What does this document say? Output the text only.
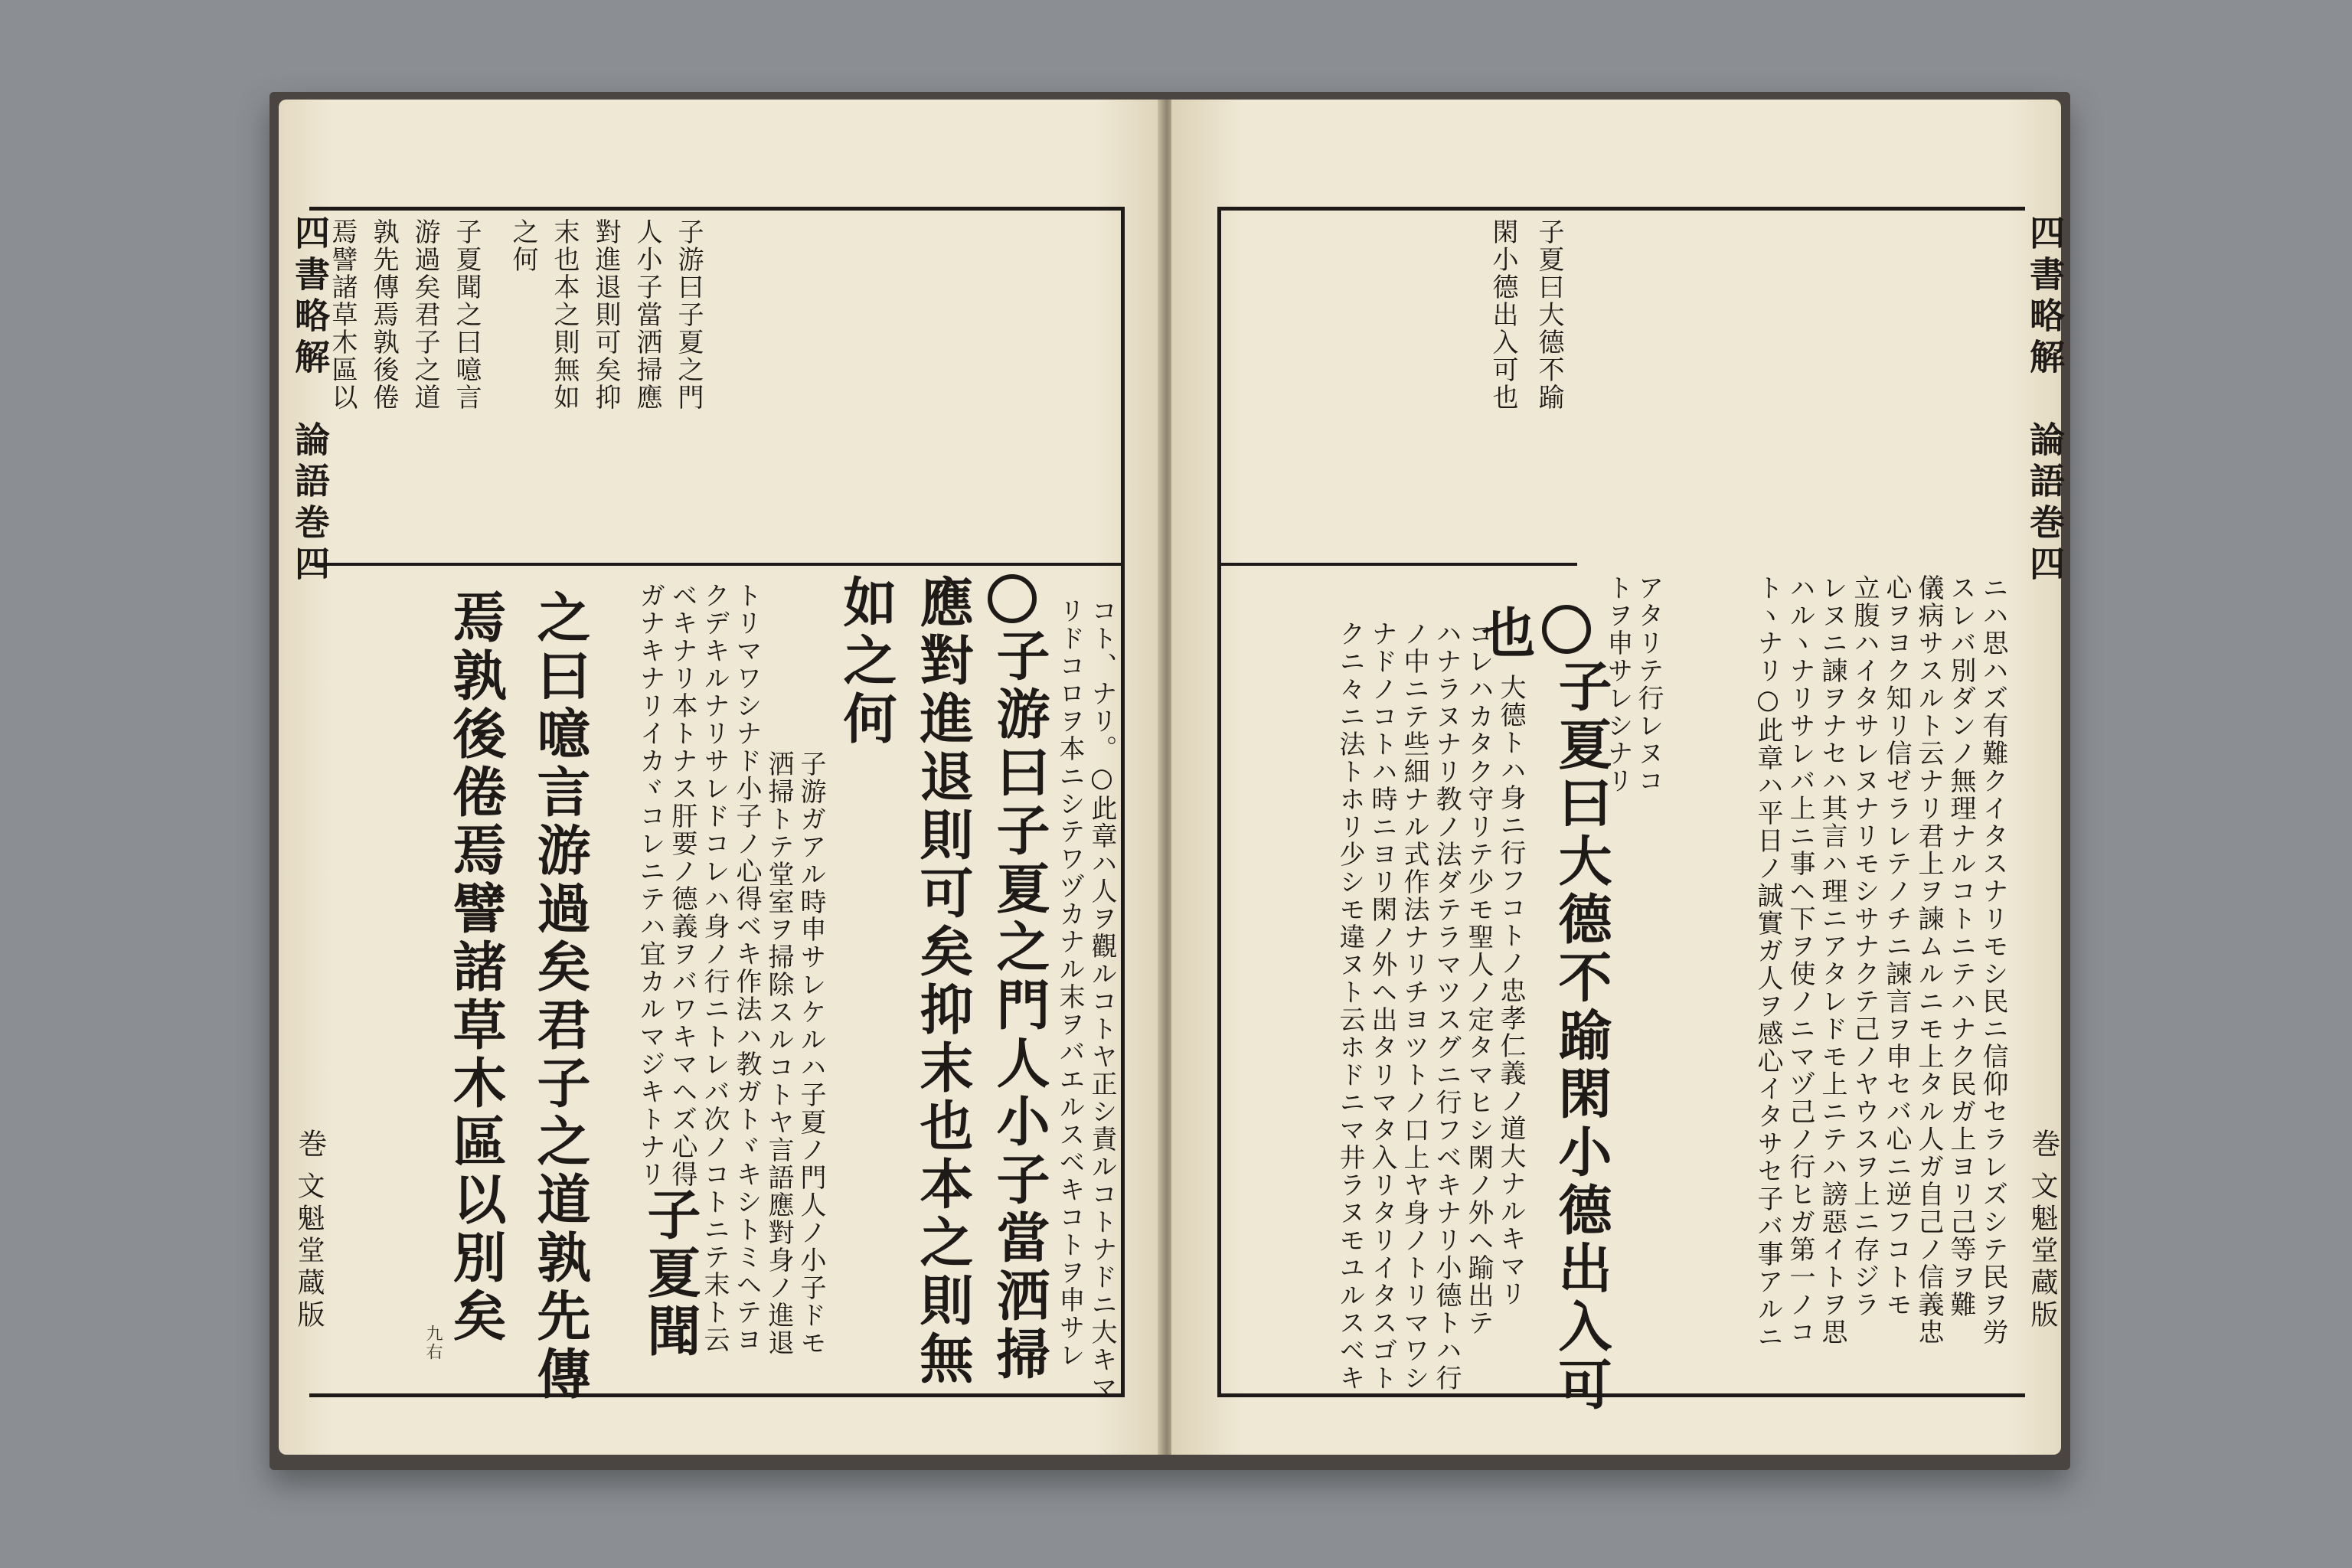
四書略解　論語巻四
　巻
文魁堂蔵版
子游曰子夏之門
人小子當洒掃應
對進退則可矣抑
末也本之則無如
之何
子夏聞之曰噫言
游過矣君子之道
孰先傳焉孰後倦
焉譬諸草木區以
子游曰子夏之門人小子當洒掃
應對進退則可矣抑末也本之則無
如之何	コト、ナリ。○此章ハ人ヲ觀ルコトヤ正シ責ルコトナドニ大キマ
リドコロヲ本ニシテワヅカナル末ヲバエルスベキコトヲ申サレ
子游ガアル時申サレケルハ子夏ノ門人ノ小子ドモ
洒掃トテ堂室ヲ掃除スルコトヤ言語應對身ノ進退
トリマワシナド小子ノ心得ベキ作法ハ教ガトヾキシトミヘテヨ
クデキルナリサレドコレハ身ノ行ニトレバ次ノコトニテ末ト云
ベキナリ本トナス肝要ノ德義ヲバワキマヘズ心得
ガナキナリイカヾコレニテハ宜カルマジキトナリ
子夏聞
之曰噫言游過矣君子之道孰先傳
焉孰後倦焉譬諸草木區以別矣
九右
四書略解　論語巻四
　巻
文魁堂蔵版
子夏曰大德不踰
閑小德出入可也
子夏曰大德不踰閑小德出入可
也
大德トハ身ニ行フコトノ忠孝仁義ノ道大ナルキマリ
コレハカタク守リテ少モ聖人ノ定タマヒシ閑ノ外ヘ踰出テ
ハナラヌナリ教ノ法ダテラマツスグニ行フベキナリ小德トハ行
ノ中ニテ些細ナル式作法ナリチヨツトノ口上ヤ身ノトリマワシ
ナドノコトハ時ニヨリ閑ノ外ヘ出タリマタ入リタリイタスゴト
クニ々ニ法トホリ少シモ違ヌト云ホドニマ井ラヌモユルスベキ	アタリテ行レヌコ
トヲ申サレシナリ	ニハ思ハズ有難クイタスナリモシ民ニ信仰セラレズシテ民ヲ労
スレバ別ダンノ無理ナルコトニテハナク民ガ上ヨリ己等ヲ難
儀病サスルト云ナリ君上ヲ諫ムルニモ上タル人ガ自己ノ信義忠
心ヲヨク知リ信ゼラレテノチニ諫言ヲ申セバ心ニ逆フコトモ
立腹ハイタサレヌナリモシサナクテ己ノヤウスヲ上ニ存ジラ
レヌニ諫ヲナセハ其言ハ理ニアタレドモ上ニテハ謗惡イトヲ思
ハルヽナリサレバ上ニ事ヘ下ヲ使ノニマヅ己ノ行ヒガ第一ノコ
トヽナリ○此章ハ平日ノ誠實ガ人ヲ感心イタサセ子バ事アルニ
